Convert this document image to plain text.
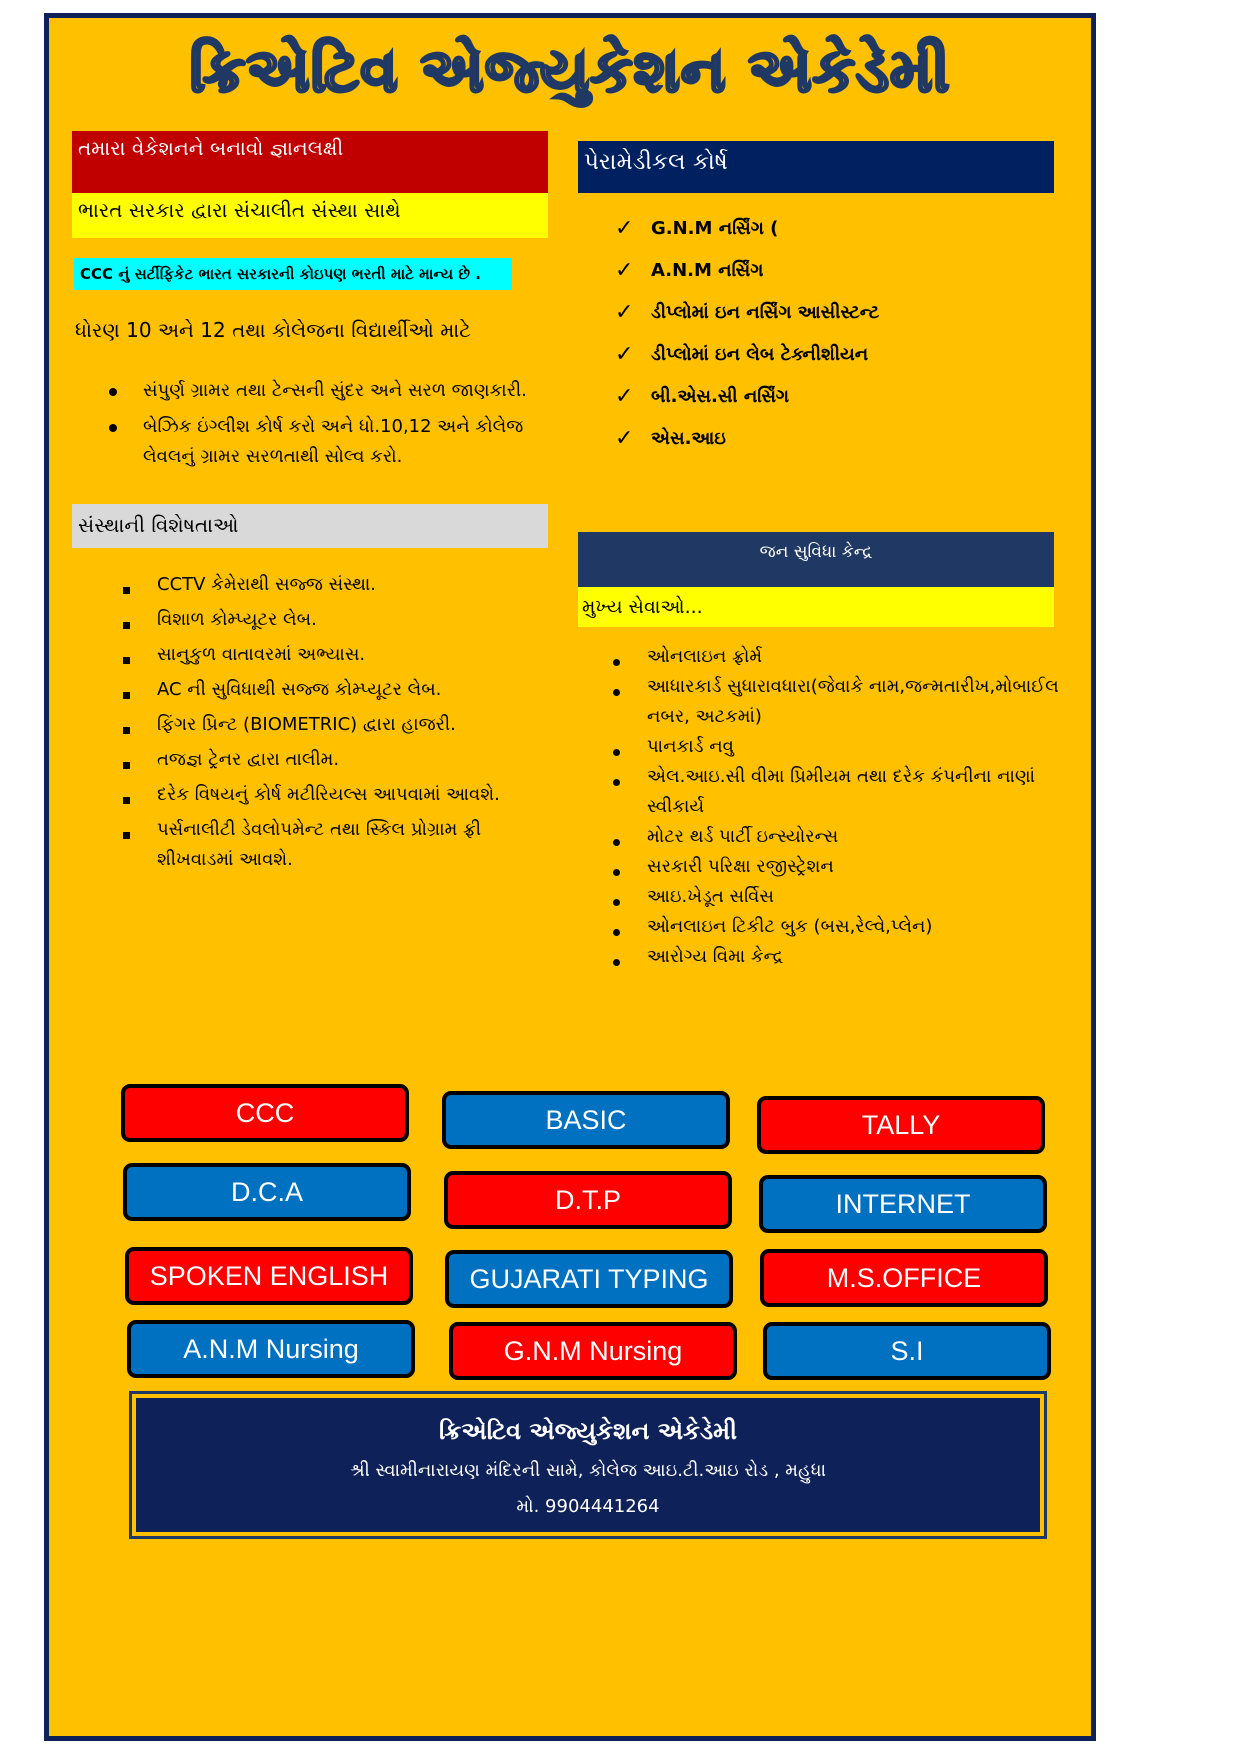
ક્રિએટિવ એજ્યુકેશન એકેડેમી
તમારા વેકેશનને બનાવો જ્ઞાનલક્ષી
ભારત સરકાર દ્વારા સંચાલીત સંસ્થા સાથે
CCC નું સર્ટીફિકેટ ભારત સરકારની કોઇપણ ભરતી માટે માન્ય છે .
ધોરણ 10 અને 12 તથા કોલેજના વિદ્યાર્થીઓ માટે
સંપુર્ણ ગ્રામર તથા ટેન્સની સુંદર અને સરળ જાણકારી.
બેઝિક ઇંગ્લીશ કોર્ષ કરો અને ધો.10,12 અને કોલેજ લેવલનું ગ્રામર સરળતાથી સોલ્વ કરો.
સંસ્થાની વિશેષતાઓ
CCTV કેમેરાથી સજ્જ સંસ્થા.
વિશાળ કોમ્પ્યૂટર લેબ.
સાનુકુળ વાતાવરમાં અભ્યાસ.
AC ની સુવિધાથી સજ્જ કોમ્પ્યૂટર લેબ.
ફિંગર પ્રિન્ટ (BIOMETRIC) દ્વારા હાજરી.
તજજ્ઞ ટ્રેનર દ્વારા તાલીમ.
દરેક વિષયનું કોર્ષ મટીરિયલ્સ આપવામાં આવશે.
પર્સનાલીટી ડેવલોપમેન્ટ તથા સ્કિલ પ્રોગ્રામ ફ્રી શીખવાડમાં આવશે.
પેરામેડીકલ કોર્ષ
✓ G.N.M નર્સિંગ (
✓ A.N.M નર્સિંગ
✓ ડીપ્લોમાં ઇન નર્સિંગ આસીસ્ટન્ટ
✓ ડીપ્લોમાં ઇન લેબ ટેક્નીશીયન
✓ બી.એસ.સી નર્સિંગ
✓ એસ.આઇ
જન સુવિધા કેન્દ્ર
મુખ્ય સેવાઓ...
ઓનલાઇન ફ્રોર્મ
આધારકાર્ડ સુધારાવધારા(જેવાકે નામ,જન્મતારીખ,મોબાઈલ નબર, અટકમાં)
પાનકાર્ડ નવુ
એલ.આઇ.સી વીમા પ્રિમીયમ તથા દરેક કંપનીના નાણાં સ્વીકાર્ય
મોટર થર્ડ પાર્ટી ઇન્સ્યોરન્સ
સરકારી પરિક્ષા રજીસ્ટ્રેશન
આઇ.ખેડૂત સર્વિસ
ઓનલાઇન ટિકીટ બુક (બસ,રેલ્વે,પ્લેન)
આરોગ્ય વિમા કેન્દ્ર
CCC	BASIC	TALLY
D.C.A	D.T.P	INTERNET
SPOKEN ENGLISH	GUJARATI TYPING	M.S.OFFICE
A.N.M Nursing	G.N.M Nursing	S.I
ક્રિએટિવ એજ્યુકેશન એકેડેમી
શ્રી સ્વામીનારાયણ મંદિરની સામે, કોલેજ આઇ.ટી.આઇ રોડ , મહુધા
મો. 9904441264
